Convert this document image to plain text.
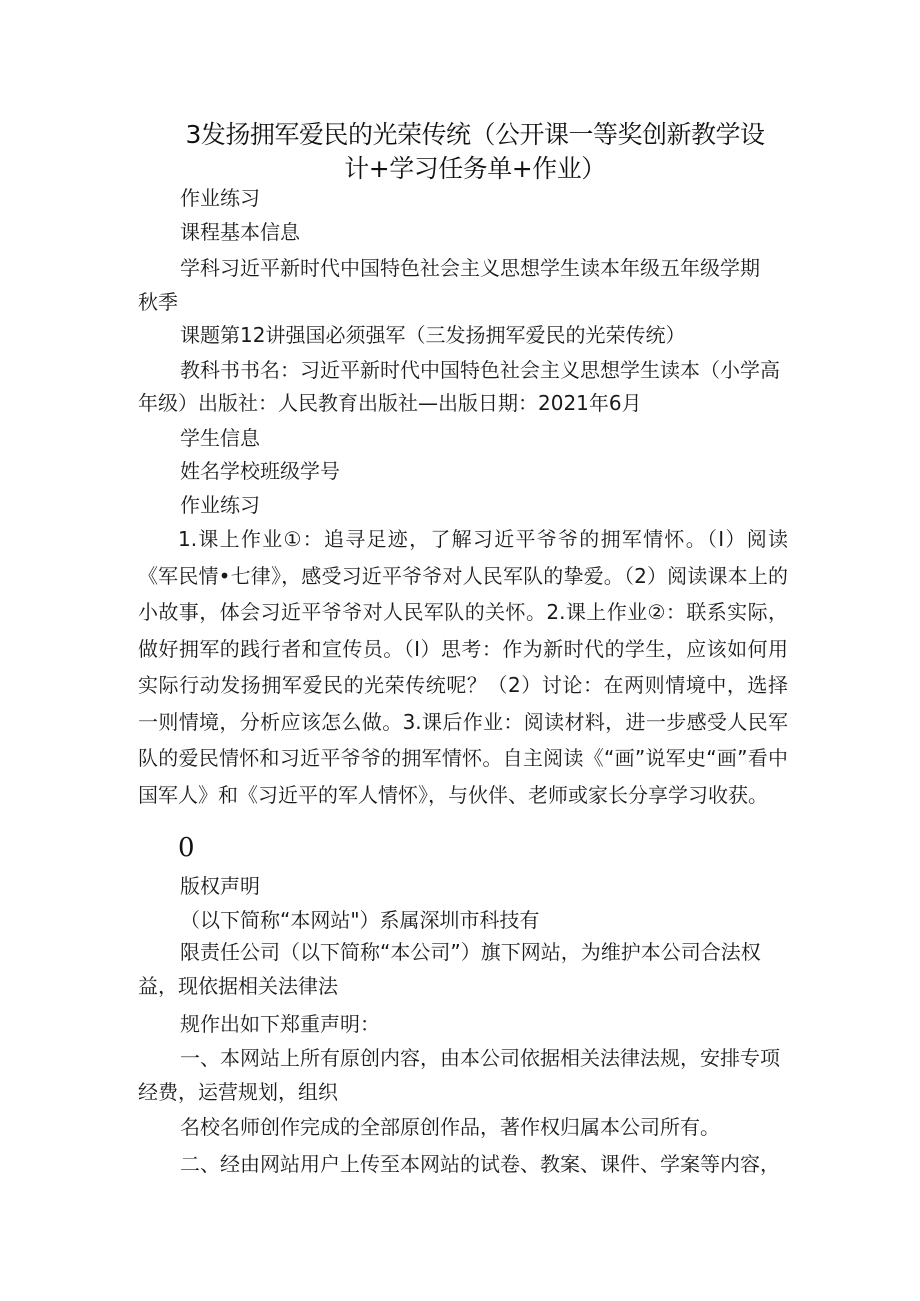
3发扬拥军爱民的光荣传统（公开课一等奖创新教学设
计+学习任务单+作业）
作业练习
课程基本信息
学科习近平新时代中国特色社会主义思想学生读本年级五年级学期
秋季
课题第12讲强国必须强军（三发扬拥军爱民的光荣传统）
教科书书名：习近平新时代中国特色社会主义思想学生读本（小学高
年级）出版社：人民教育出版社—出版日期：2021年6月
学生信息
姓名学校班级学号
作业练习
1.课上作业①：追寻足迹，了解习近平爷爷的拥军情怀。（I）阅读《军民情•七律》，感受习近平爷爷对人民军队的挚爱。（2）阅读课本上的小故事，体会习近平爷爷对人民军队的关怀。2.课上作业②：联系实际，做好拥军的践行者和宣传员。（I）思考：作为新时代的学生，应该如何用实际行动发扬拥军爱民的光荣传统呢？（2）讨论：在两则情境中，选择一则情境，分析应该怎么做。3.课后作业：阅读材料，进一步感受人民军队的爱民情怀和习近平爷爷的拥军情怀。自主阅读《“画”说军史“画”看中国军人》和《习近平的军人情怀》，与伙伴、老师或家长分享学习收获。
0
版权声明
（以下简称“本网站"）系属深圳市科技有
限责任公司（以下简称“本公司”）旗下网站，为维护本公司合法权
益，现依据相关法律法
规作出如下郑重声明：
一、本网站上所有原创内容，由本公司依据相关法律法规，安排专项
经费，运营规划，组织
名校名师创作完成的全部原创作品，著作权归属本公司所有。
二、经由网站用户上传至本网站的试卷、教案、课件、学案等内容，
